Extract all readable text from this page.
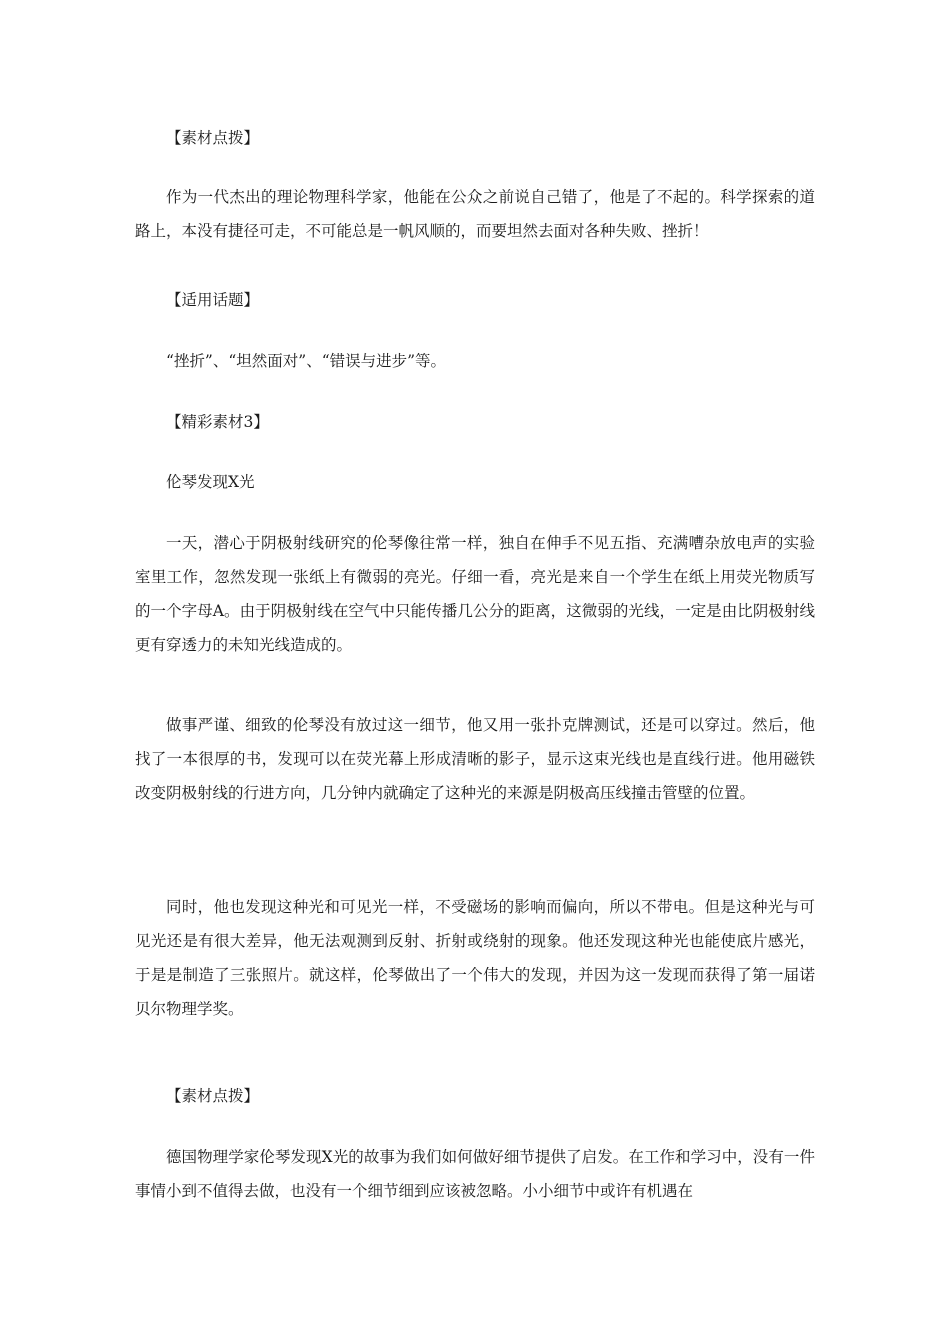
【素材点拨】

作为一代杰出的理论物理科学家，他能在公众之前说自己错了，他是了不起的。科学探索的道路上，本没有捷径可走，不可能总是一帆风顺的，而要坦然去面对各种失败、挫折！

【适用话题】

“挫折”、“坦然面对”、“错误与进步”等。

【精彩素材3】

伦琴发现X光

一天，潜心于阴极射线研究的伦琴像往常一样，独自在伸手不见五指、充满嘈杂放电声的实验室里工作，忽然发现一张纸上有微弱的亮光。仔细一看，亮光是来自一个学生在纸上用荧光物质写的一个字母A。由于阴极射线在空气中只能传播几公分的距离，这微弱的光线，一定是由比阴极射线更有穿透力的未知光线造成的。

做事严谨、细致的伦琴没有放过这一细节，他又用一张扑克牌测试，还是可以穿过。然后，他找了一本很厚的书，发现可以在荧光幕上形成清晰的影子，显示这束光线也是直线行进。他用磁铁改变阴极射线的行进方向，几分钟内就确定了这种光的来源是阴极高压线撞击管壁的位置。

同时，他也发现这种光和可见光一样，不受磁场的影响而偏向，所以不带电。但是这种光与可见光还是有很大差异，他无法观测到反射、折射或绕射的现象。他还发现这种光也能使底片感光，于是是制造了三张照片。就这样，伦琴做出了一个伟大的发现，并因为这一发现而获得了第一届诺贝尔物理学奖。

【素材点拨】

德国物理学家伦琴发现X光的故事为我们如何做好细节提供了启发。在工作和学习中，没有一件事情小到不值得去做，也没有一个细节细到应该被忽略。小小细节中或许有机遇在
